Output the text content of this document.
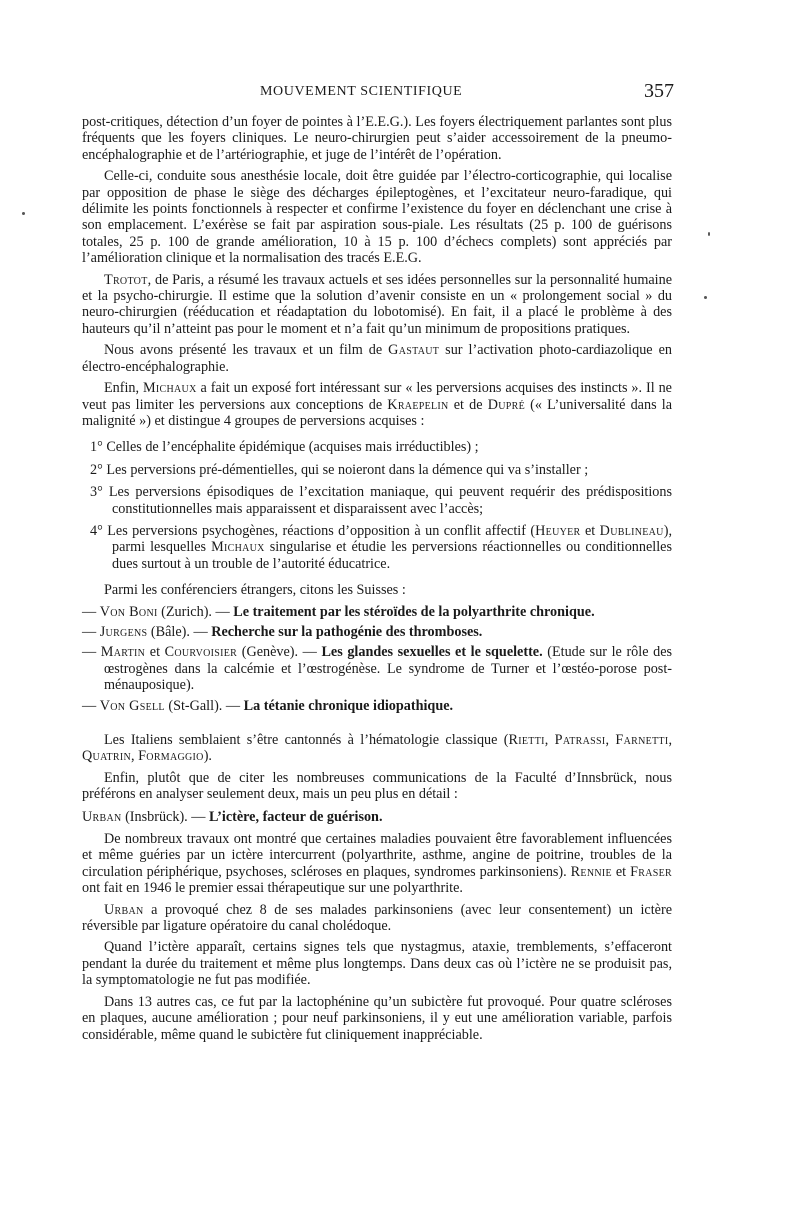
MOUVEMENT SCIENTIFIQUE	357

post-critiques, détection d’un foyer de pointes à l’E.E.G.). Les foyers électriquement parlantes sont plus fréquents que les foyers cliniques. Le neuro-chirurgien peut s’aider accessoirement de la pneumo-encéphalographie et de l’artériographie, et juge de l’intérêt de l’opération.

Celle-ci, conduite sous anesthésie locale, doit être guidée par l’électro-corticographie, qui localise par opposition de phase le siège des décharges épileptogènes, et l’excitateur neuro-faradique, qui délimite les points fonctionnels à respecter et confirme l’existence du foyer en déclenchant une crise à son emplacement. L’exérèse se fait par aspiration sous-piale. Les résultats (25 p. 100 de guérisons totales, 25 p. 100 de grande amélioration, 10 à 15 p. 100 d’échecs complets) sont appréciés par l’amélioration clinique et la normalisation des tracés E.E.G.

Trotot, de Paris, a résumé les travaux actuels et ses idées personnelles sur la personnalité humaine et la psycho-chirurgie. Il estime que la solution d’avenir consiste en un « prolongement social » du neuro-chirurgien (rééducation et réadaptation du lobotomisé). En fait, il a placé le problème à des hauteurs qu’il n’atteint pas pour le moment et n’a fait qu’un minimum de propositions pratiques.

Nous avons présenté les travaux et un film de Gastaut sur l’activation photo-cardiazolique en électro-encéphalographie.

Enfin, Michaux a fait un exposé fort intéressant sur « les perversions acquises des instincts ». Il ne veut pas limiter les perversions aux conceptions de Kraepelin et de Dupré (« L’universalité dans la malignité ») et distingue 4 groupes de perversions acquises :

1° Celles de l’encéphalite épidémique (acquises mais irréductibles) ;
2° Les perversions pré-démentielles, qui se noieront dans la démence qui va s’installer ;
3° Les perversions épisodiques de l’excitation maniaque, qui peuvent requérir des prédispositions constitutionnelles mais apparaissent et disparaissent avec l’accès;
4° Les perversions psychogènes, réactions d’opposition à un conflit affectif (Heuyer et Dublineau), parmi lesquelles Michaux singularise et étudie les perversions réactionnelles ou conditionnelles dues surtout à un trouble de l’autorité éducatrice.

Parmi les conférenciers étrangers, citons les Suisses :

— Von Boni (Zurich). — Le traitement par les stéroïdes de la polyarthrite chronique.
— Jurgens (Bâle). — Recherche sur la pathogénie des thromboses.
— Martin et Courvoisier (Genève). — Les glandes sexuelles et le squelette. (Etude sur le rôle des œstrogènes dans la calcémie et l’œstrogénèse. Le syndrome de Turner et l’œstéo-porose post-ménauposique).
— Von Gsell (St-Gall). — La tétanie chronique idiopathique.

Les Italiens semblaient s’être cantonnés à l’hématologie classique (Rietti, Patrassi, Farnetti, Quatrin, Formaggio).

Enfin, plutôt que de citer les nombreuses communications de la Faculté d’Innsbrück, nous préférons en analyser seulement deux, mais un peu plus en détail :

Urban (Insbrück). — L’ictère, facteur de guérison.

De nombreux travaux ont montré que certaines maladies pouvaient être favorablement influencées et même guéries par un ictère intercurrent (polyarthrite, asthme, angine de poitrine, troubles de la circulation périphérique, psychoses, scléroses en plaques, syndromes parkinsoniens). Rennie et Fraser ont fait en 1946 le premier essai thérapeutique sur une polyarthrite.

Urban a provoqué chez 8 de ses malades parkinsoniens (avec leur consentement) un ictère réversible par ligature opératoire du canal cholédoque.

Quand l’ictère apparaît, certains signes tels que nystagmus, ataxie, tremblements, s’effaceront pendant la durée du traitement et même plus longtemps. Dans deux cas où l’ictère ne se produisit pas, la symptomatologie ne fut pas modifiée.

Dans 13 autres cas, ce fut par la lactophénine qu’un subictère fut provoqué. Pour quatre scléroses en plaques, aucune amélioration ; pour neuf parkinsoniens, il y eut une amélioration variable, parfois considérable, même quand le subictère fut cliniquement inappréciable.
